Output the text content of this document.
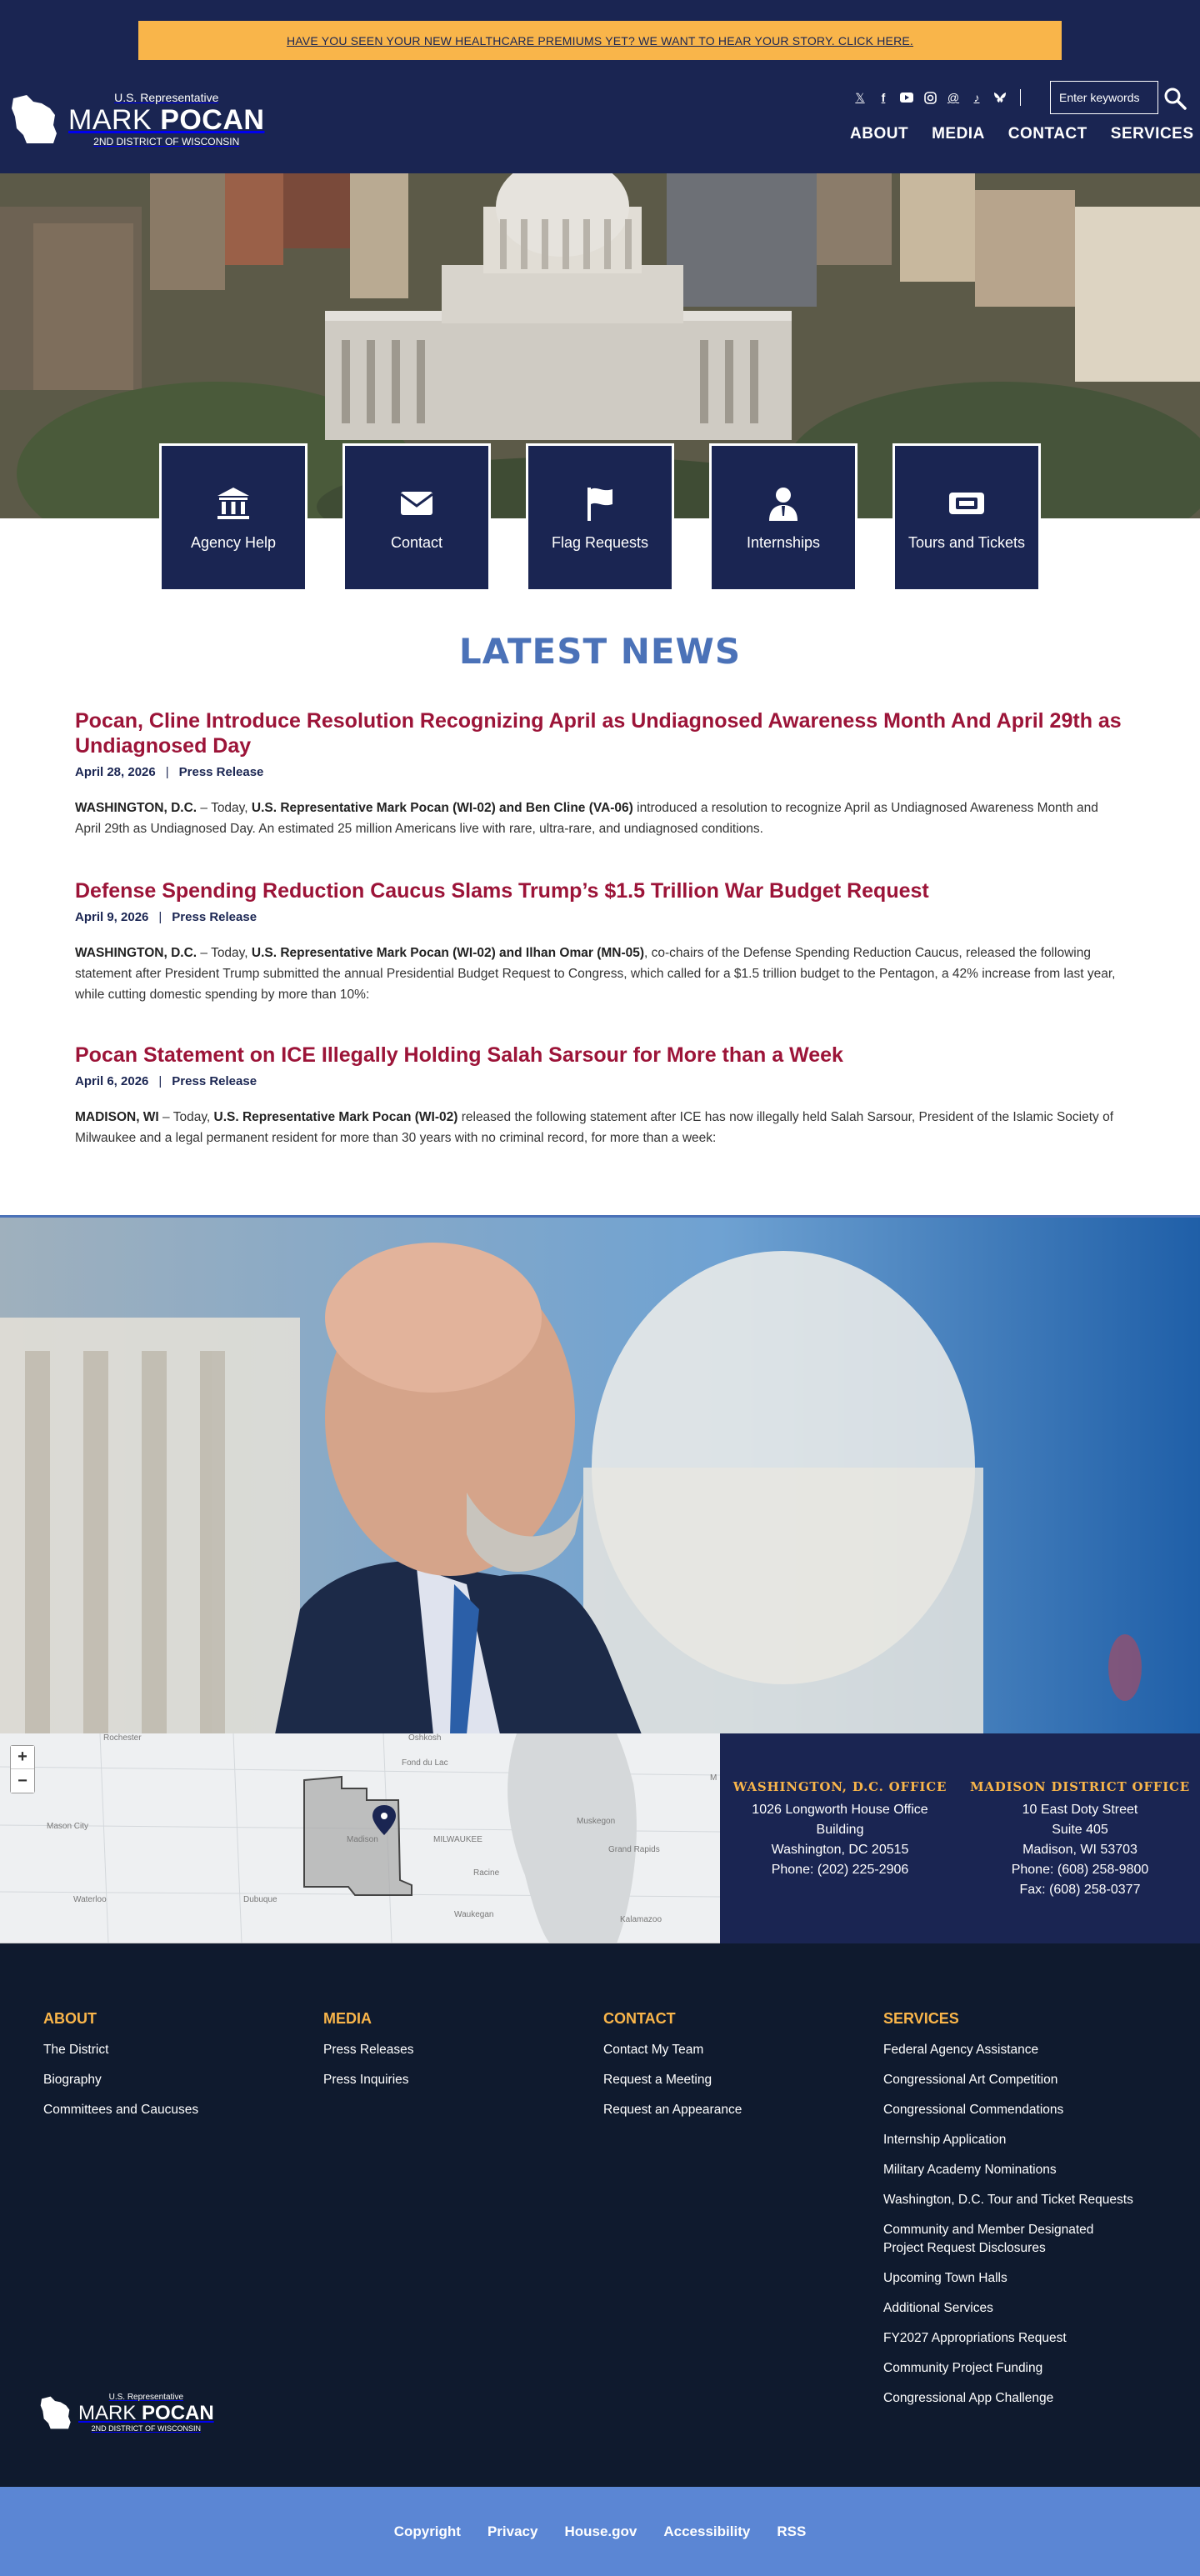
HAVE YOU SEEN YOUR NEW HEALTHCARE PREMIUMS YET? WE WANT TO HEAR YOUR STORY. CLICK HERE.
U.S. Representative
MARK POCAN
2ND DISTRICT OF WISCONSIN
𝕏	f	@	♪
Enter keywords
ABOUT MEDIA CONTACT SERVICES
Agency Help	Contact	Flag Requests	Internships	Tours and Tickets
LATEST NEWS
Pocan, Cline Introduce Resolution Recognizing April as Undiagnosed Awareness Month And April 29th as Undiagnosed Day
April 28, 2026 | Press Release

WASHINGTON, D.C. – Today, U.S. Representative Mark Pocan (WI-02) and Ben Cline (VA-06) introduced a resolution to recognize April as Undiagnosed Awareness Month and April 29th as Undiagnosed Day. An estimated 25 million Americans live with rare, ultra-rare, and undiagnosed conditions.

Defense Spending Reduction Caucus Slams Trump’s $1.5 Trillion War Budget Request
April 9, 2026 | Press Release

WASHINGTON, D.C. – Today, U.S. Representative Mark Pocan (WI-02) and Ilhan Omar (MN-05), co-chairs of the Defense Spending Reduction Caucus, released the following statement after President Trump submitted the annual Presidential Budget Request to Congress, which called for a $1.5 trillion budget to the Pentagon, a 42% increase from last year, while cutting domestic spending by more than 10%:

Pocan Statement on ICE Illegally Holding Salah Sarsour for More than a Week
April 6, 2026 | Press Release

MADISON, WI – Today, U.S. Representative Mark Pocan (WI-02) released the following statement after ICE has now illegally held Salah Sarsour, President of the Islamic Society of Milwaukee and a legal permanent resident for more than 30 years with no criminal record, for more than a week:

+
−
Rochester	Oshkosh
Fond du Lac
Mason City
Madison	MILWAUKEE
Muskegon
Grand Rapids
Racine
Waterloo	Dubuque
Waukegan
Kalamazoo
M
WASHINGTON, D.C. OFFICE
1026 Longworth House Office
Building
Washington, DC 20515
Phone: (202) 225-2906
MADISON DISTRICT OFFICE
10 East Doty Street
Suite 405
Madison, WI 53703
Phone: (608) 258-9800
Fax: (608) 258-0377
ABOUT
The District
Biography
Committees and Caucuses
MEDIA
Press Releases
Press Inquiries
CONTACT
Contact My Team
Request a Meeting
Request an Appearance
SERVICES
Federal Agency Assistance
Congressional Art Competition
Congressional Commendations
Internship Application
Military Academy Nominations
Washington, D.C. Tour and Ticket Requests
Community and Member Designated Project Request Disclosures
Upcoming Town Halls
Additional Services
FY2027 Appropriations Request
Community Project Funding
Congressional App Challenge
U.S. Representative
MARK POCAN
2ND DISTRICT OF WISCONSIN
Copyright Privacy House.gov Accessibility RSS
